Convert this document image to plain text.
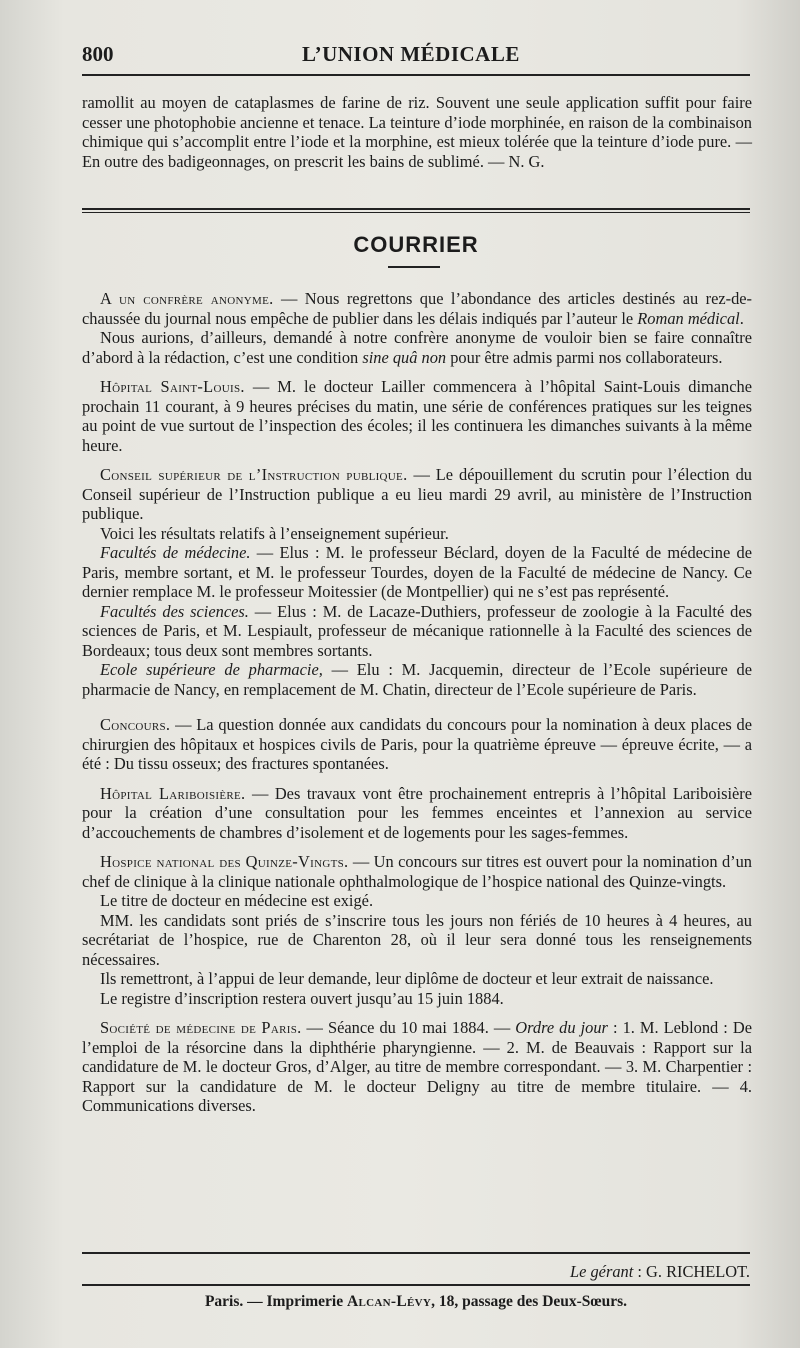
800	L’UNION MÉDICALE

ramollit au moyen de cataplasmes de farine de riz. Souvent une seule application suffit pour faire cesser une photophobie ancienne et tenace. La teinture d’iode morphinée, en raison de la combinaison chimique qui s’accomplit entre l’iode et la morphine, est mieux tolérée que la teinture d’iode pure. — En outre des badigeonnages, on prescrit les bains de sublimé. — N. G.

COURRIER

A un confrère anonyme. — Nous regrettons que l’abondance des articles destinés au rez-de-chaussée du journal nous empêche de publier dans les délais indiqués par l’auteur le Roman médical.

Nous aurions, d’ailleurs, demandé à notre confrère anonyme de vouloir bien se faire connaître d’abord à la rédaction, c’est une condition sine quâ non pour être admis parmi nos collaborateurs.

Hôpital Saint-Louis. — M. le docteur Lailler commencera à l’hôpital Saint-Louis dimanche prochain 11 courant, à 9 heures précises du matin, une série de conférences pratiques sur les teignes au point de vue surtout de l’inspection des écoles; il les continuera les dimanches suivants à la même heure.

Conseil supérieur de l’Instruction publique. — Le dépouillement du scrutin pour l’élection du Conseil supérieur de l’Instruction publique a eu lieu mardi 29 avril, au ministère de l’Instruction publique.

Voici les résultats relatifs à l’enseignement supérieur.

Facultés de médecine. — Elus : M. le professeur Béclard, doyen de la Faculté de médecine de Paris, membre sortant, et M. le professeur Tourdes, doyen de la Faculté de médecine de Nancy. Ce dernier remplace M. le professeur Moitessier (de Montpellier) qui ne s’est pas représenté.

Facultés des sciences. — Elus : M. de Lacaze-Duthiers, professeur de zoologie à la Faculté des sciences de Paris, et M. Lespiault, professeur de mécanique rationnelle à la Faculté des sciences de Bordeaux; tous deux sont membres sortants.

Ecole supérieure de pharmacie, — Elu : M. Jacquemin, directeur de l’Ecole supérieure de pharmacie de Nancy, en remplacement de M. Chatin, directeur de l’Ecole supérieure de Paris.

Concours. — La question donnée aux candidats du concours pour la nomination à deux places de chirurgien des hôpitaux et hospices civils de Paris, pour la quatrième épreuve — épreuve écrite, — a été : Du tissu osseux; des fractures spontanées.

Hôpital Lariboisière. — Des travaux vont être prochainement entrepris à l’hôpital Lariboisière pour la création d’une consultation pour les femmes enceintes et l’annexion au service d’accouchements de chambres d’isolement et de logements pour les sages-femmes.

Hospice national des Quinze-Vingts. — Un concours sur titres est ouvert pour la nomination d’un chef de clinique à la clinique nationale ophthalmologique de l’hospice national des Quinze-vingts.

Le titre de docteur en médecine est exigé.

MM. les candidats sont priés de s’inscrire tous les jours non fériés de 10 heures à 4 heures, au secrétariat de l’hospice, rue de Charenton 28, où il leur sera donné tous les renseignements nécessaires.

Ils remettront, à l’appui de leur demande, leur diplôme de docteur et leur extrait de naissance.

Le registre d’inscription restera ouvert jusqu’au 15 juin 1884.

Société de médecine de Paris. — Séance du 10 mai 1884. — Ordre du jour : 1. M. Leblond : De l’emploi de la résorcine dans la diphthérie pharyngienne. — 2. M. de Beauvais : Rapport sur la candidature de M. le docteur Gros, d’Alger, au titre de membre correspondant. — 3. M. Charpentier : Rapport sur la candidature de M. le docteur Deligny au titre de membre titulaire. — 4. Communications diverses.

Le gérant : G. RICHELOT.
Paris. — Imprimerie Alcan-Lévy, 18, passage des Deux-Sœurs.
